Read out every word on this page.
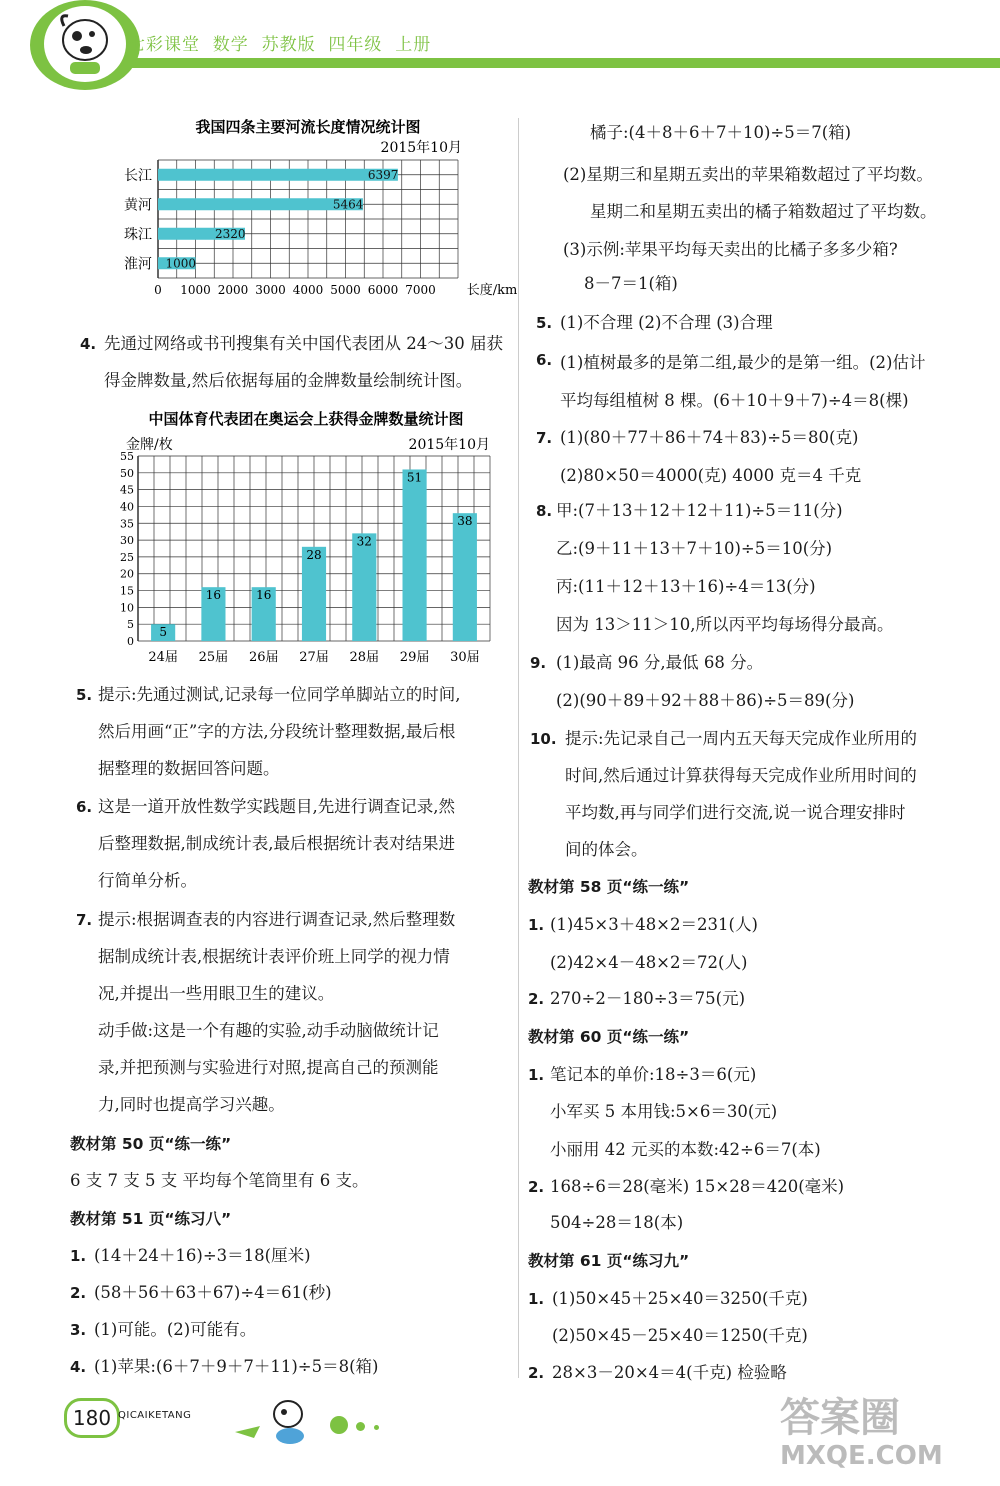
七彩课堂  数学  苏教版  四年级  上册
我国四条主要河流长度情况统计图
2015年10月
长江	6397
黄河	5464
珠江	2320
淮河 1000
0 1000 2000 3000 4000 5000 6000 7000 长度/km
4. 先通过网络或书刊搜集有关中国代表团从 24～30 届获
得金牌数量,然后依据每届的金牌数量绘制统计图。
中国体育代表团在奥运会上获得金牌数量统计图
金牌/枚	2015年10月
0
5
10
15
20
25
30
35
40
45
50
55
5
24届
16
25届
16
26届
28
27届
32
28届
51
29届
38
30届
5. 提示:先通过测试,记录每一位同学单脚站立的时间,
然后用画“正”字的方法,分段统计整理数据,最后根
据整理的数据回答问题。
6. 这是一道开放性数学实践题目,先进行调查记录,然
后整理数据,制成统计表,最后根据统计表对结果进
行简单分析。
7. 提示:根据调查表的内容进行调查记录,然后整理数
据制成统计表,根据统计表评价班上同学的视力情
况,并提出一些用眼卫生的建议。
动手做:这是一个有趣的实验,动手动脑做统计记
录,并把预测与实验进行对照,提高自己的预测能
力,同时也提高学习兴趣。
教材第 50 页“练一练”
6 支 7 支 5 支 平均每个笔筒里有 6 支。
教材第 51 页“练习八”
1. (14＋24＋16)÷3＝18(厘米)
2. (58＋56＋63＋67)÷4＝61(秒)
3. (1)可能。(2)可能有。
4. (1)苹果:(6＋7＋9＋7＋11)÷5＝8(箱)
橘子:(4＋8＋6＋7＋10)÷5＝7(箱)
(2)星期三和星期五卖出的苹果箱数超过了平均数。
星期二和星期五卖出的橘子箱数超过了平均数。
(3)示例:苹果平均每天卖出的比橘子多多少箱?
8－7＝1(箱)
5. (1)不合理 (2)不合理 (3)合理
6. (1)植树最多的是第二组,最少的是第一组。(2)估计
平均每组植树 8 棵。(6＋10＋9＋7)÷4＝8(棵)
7. (1)(80＋77＋86＋74＋83)÷5＝80(克)
(2)80×50＝4000(克) 4000 克＝4 千克
8. 甲:(7＋13＋12＋12＋11)÷5＝11(分)
乙:(9＋11＋13＋7＋10)÷5＝10(分)
丙:(11＋12＋13＋16)÷4＝13(分)
因为 13＞11＞10,所以丙平均每场得分最高。
9. (1)最高 96 分,最低 68 分。
(2)(90＋89＋92＋88＋86)÷5＝89(分)
10. 提示:先记录自己一周内五天每天完成作业所用的
时间,然后通过计算获得每天完成作业所用时间的
平均数,再与同学们进行交流,说一说合理安排时
间的体会。
教材第 58 页“练一练”
1. (1)45×3＋48×2＝231(人)
(2)42×4－48×2＝72(人)
2. 270÷2－180÷3＝75(元)
教材第 60 页“练一练”
1. 笔记本的单价:18÷3＝6(元)
小军买 5 本用钱:5×6＝30(元)
小丽用 42 元买的本数:42÷6＝7(本)
168÷6＝28(毫米) 15×28＝420(毫米)
504÷28＝18(本)
2.
教材第 61 页“练习九”
1. (1)50×45＋25×40＝3250(千克)
(2)50×45－25×40＝1250(千克)
2. 28×3－20×4＝4(千克) 检验略
180 QICAIKETANG	答案圈
MXQE.COM
